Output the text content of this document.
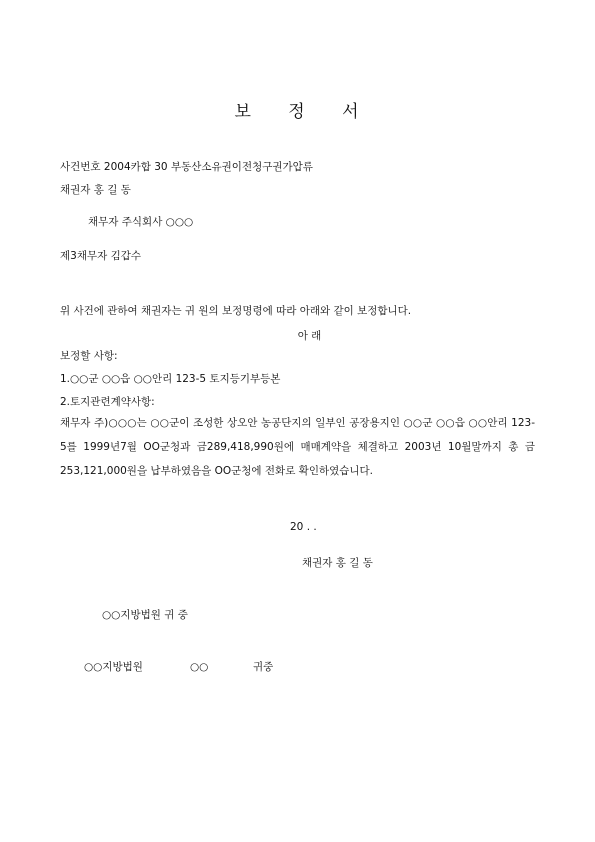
보 정 서
사건번호 2004카합 30 부동산소유권이전청구권가압류
채권자 홍 길 동
채무자 주식회사 ○○○
제3채무자 김갑수
위 사건에 관하여 채권자는 귀 원의 보정명령에 따라 아래와 같이 보정합니다.
아 래
보정할 사항:
1.○○군 ○○읍 ○○안리 123-5 토지등기부등본
2.토지관련계약사항:
채무자 주)○○○는 ○○군이 조성한 상오안 농공단지의 일부인 공장용지인 ○○군 ○○읍 ○○안리 123-5를 1999년7월 OO군청과 금289,418,990원에 매매계약을 체결하고 2003년 10월말까지 총 금253,121,000원을 납부하였음을 OO군청에 전화로 확인하였습니다.
20 . .
채권자 홍 길 동
○○지방법원 귀 중
○○지방법원	○○	귀중
